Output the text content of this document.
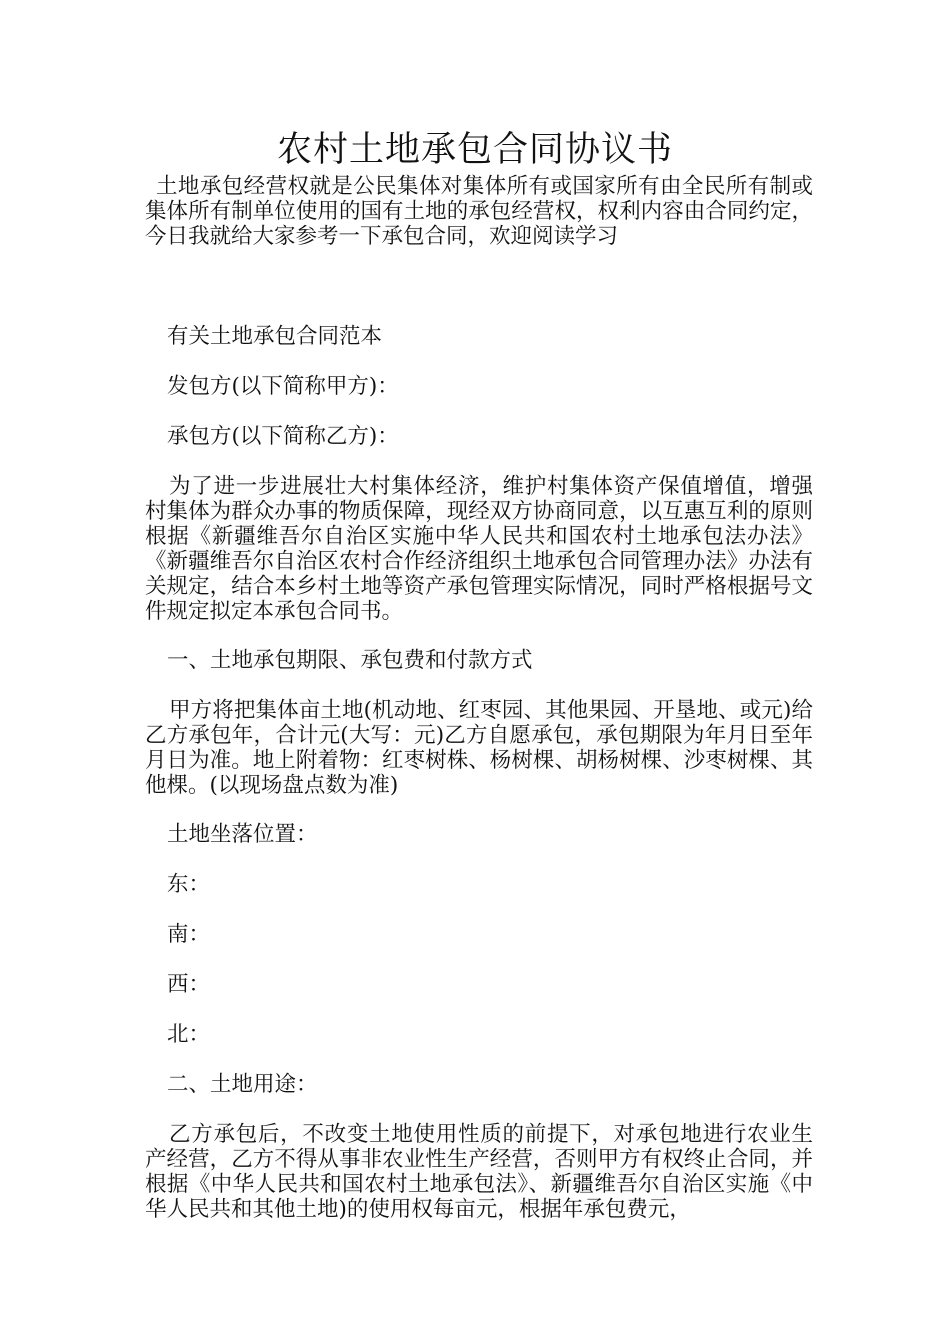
农村土地承包合同协议书
土地承包经营权就是公民集体对集体所有或国家所有由全民所有制或集体所有制单位使用的国有土地的承包经营权，权利内容由合同约定，今日我就给大家参考一下承包合同，欢迎阅读学习
有关土地承包合同范本
发包方(以下简称甲方)：
承包方(以下简称乙方)：
为了进一步进展壮大村集体经济，维护村集体资产保值增值，增强村集体为群众办事的物质保障，现经双方协商同意，以互惠互利的原则根据《新疆维吾尔自治区实施中华人民共和国农村土地承包法办法》《新疆维吾尔自治区农村合作经济组织土地承包合同管理办法》办法有关规定，结合本乡村土地等资产承包管理实际情况，同时严格根据号文件规定拟定本承包合同书。
一、土地承包期限、承包费和付款方式
甲方将把集体亩土地(机动地、红枣园、其他果园、开垦地、或元)给乙方承包年，合计元(大写：元)乙方自愿承包，承包期限为年月日至年月日为准。地上附着物：红枣树株、杨树棵、胡杨树棵、沙枣树棵、其他棵。(以现场盘点数为准)
土地坐落位置：
东：
南：
西：
北：
二、土地用途：
乙方承包后，不改变土地使用性质的前提下，对承包地进行农业生产经营，乙方不得从事非农业性生产经营，否则甲方有权终止合同，并根据《中华人民共和国农村土地承包法》、新疆维吾尔自治区实施《中华人民共和其他土地)的使用权每亩元，根据年承包费元，
